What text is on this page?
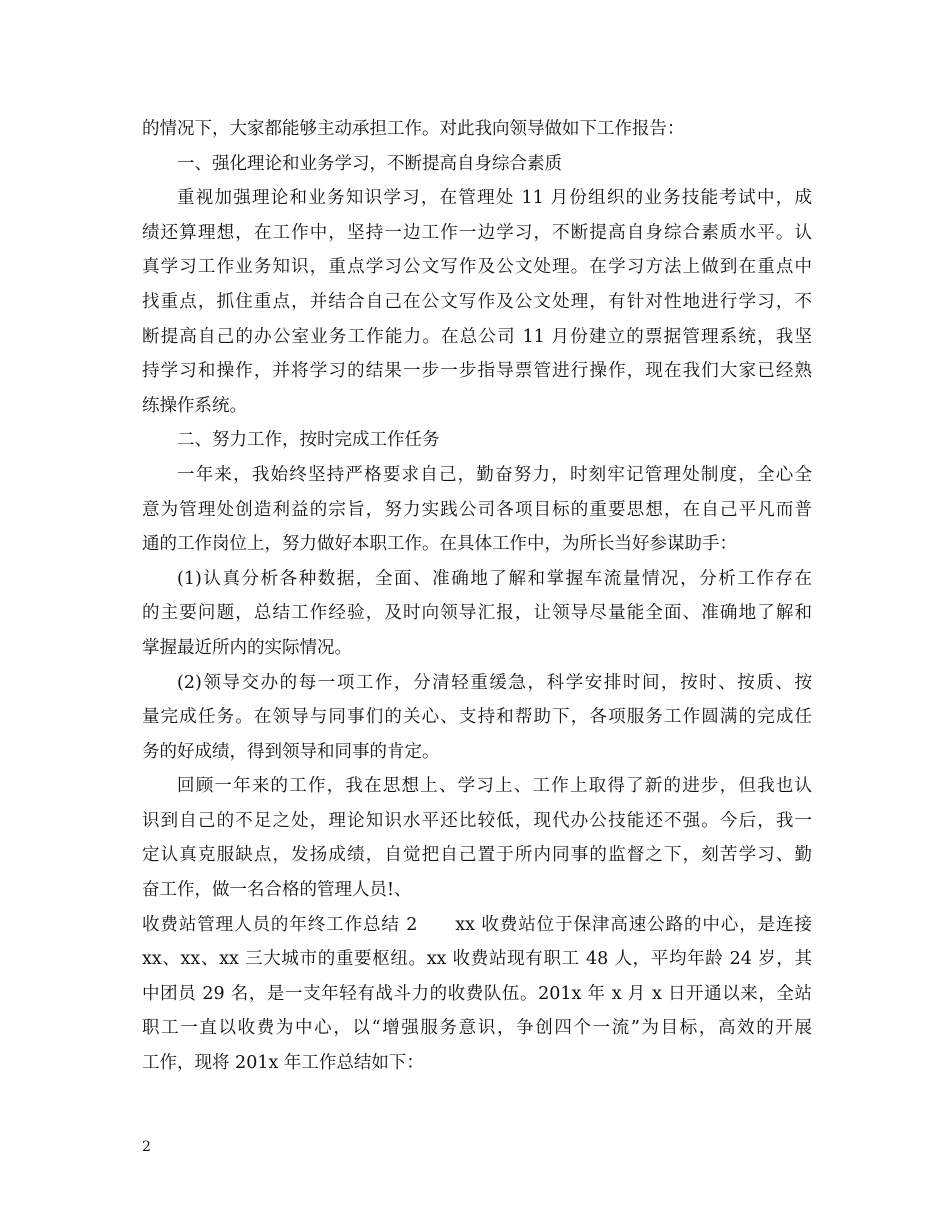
的情况下，大家都能够主动承担工作。对此我向领导做如下工作报告：
一、强化理论和业务学习，不断提高自身综合素质
重视加强理论和业务知识学习，在管理处 11 月份组织的业务技能考试中，成
绩还算理想，在工作中，坚持一边工作一边学习，不断提高自身综合素质水平。认
真学习工作业务知识，重点学习公文写作及公文处理。在学习方法上做到在重点中
找重点，抓住重点，并结合自己在公文写作及公文处理，有针对性地进行学习，不
断提高自己的办公室业务工作能力。在总公司 11 月份建立的票据管理系统，我坚
持学习和操作，并将学习的结果一步一步指导票管进行操作，现在我们大家已经熟
练操作系统。
二、努力工作，按时完成工作任务
一年来，我始终坚持严格要求自己，勤奋努力，时刻牢记管理处制度，全心全
意为管理处创造利益的宗旨，努力实践公司各项目标的重要思想，在自己平凡而普
通的工作岗位上，努力做好本职工作。在具体工作中，为所长当好参谋助手：
(1)认真分析各种数据，全面、准确地了解和掌握车流量情况，分析工作存在
的主要问题，总结工作经验，及时向领导汇报，让领导尽量能全面、准确地了解和
掌握最近所内的实际情况。
(2)领导交办的每一项工作，分清轻重缓急，科学安排时间，按时、按质、按
量完成任务。在领导与同事们的关心、支持和帮助下，各项服务工作圆满的完成任
务的好成绩，得到领导和同事的肯定。
回顾一年来的工作，我在思想上、学习上、工作上取得了新的进步，但我也认
识到自己的不足之处，理论知识水平还比较低，现代办公技能还不强。今后，我一
定认真克服缺点，发扬成绩，自觉把自己置于所内同事的监督之下，刻苦学习、勤
奋工作，做一名合格的管理人员!、
收费站管理人员的年终工作总结 2　　xx 收费站位于保津高速公路的中心，是连接
xx、xx、xx 三大城市的重要枢纽。xx 收费站现有职工 48 人，平均年龄 24 岁，其
中团员 29 名，是一支年轻有战斗力的收费队伍。201x 年 x 月 x 日开通以来，全站
职工一直以收费为中心，以“增强服务意识，争创四个一流”为目标，高效的开展
工作，现将 201x 年工作总结如下：
2
